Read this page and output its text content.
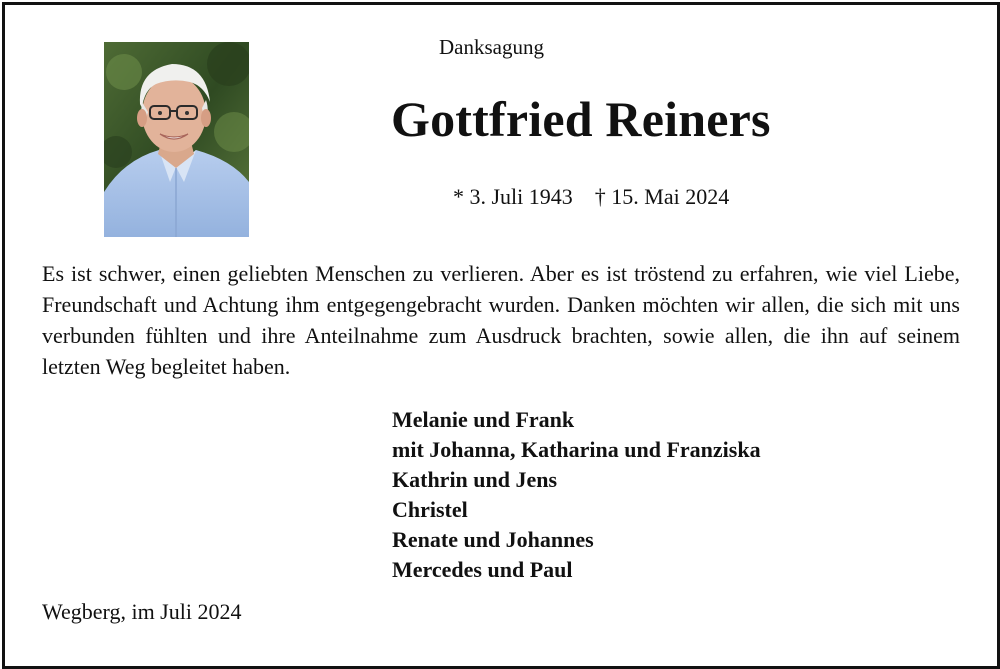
Danksagung
Gottfried Reiners
* 3. Juli 1943 † 15. Mai 2024
Es ist schwer, einen geliebten Menschen zu verlieren. Aber es ist tröstend zu erfahren, wie viel Liebe, Freundschaft und Achtung ihm entgegengebracht wurden. Danken möchten wir allen, die sich mit uns verbunden fühlten und ihre Anteilnahme zum Ausdruck brachten, sowie allen, die ihn auf seinem letzten Weg begleitet haben.
Melanie und Frank
mit Johanna, Katharina und Franziska
Kathrin und Jens
Christel
Renate und Johannes
Mercedes und Paul
Wegberg, im Juli 2024
